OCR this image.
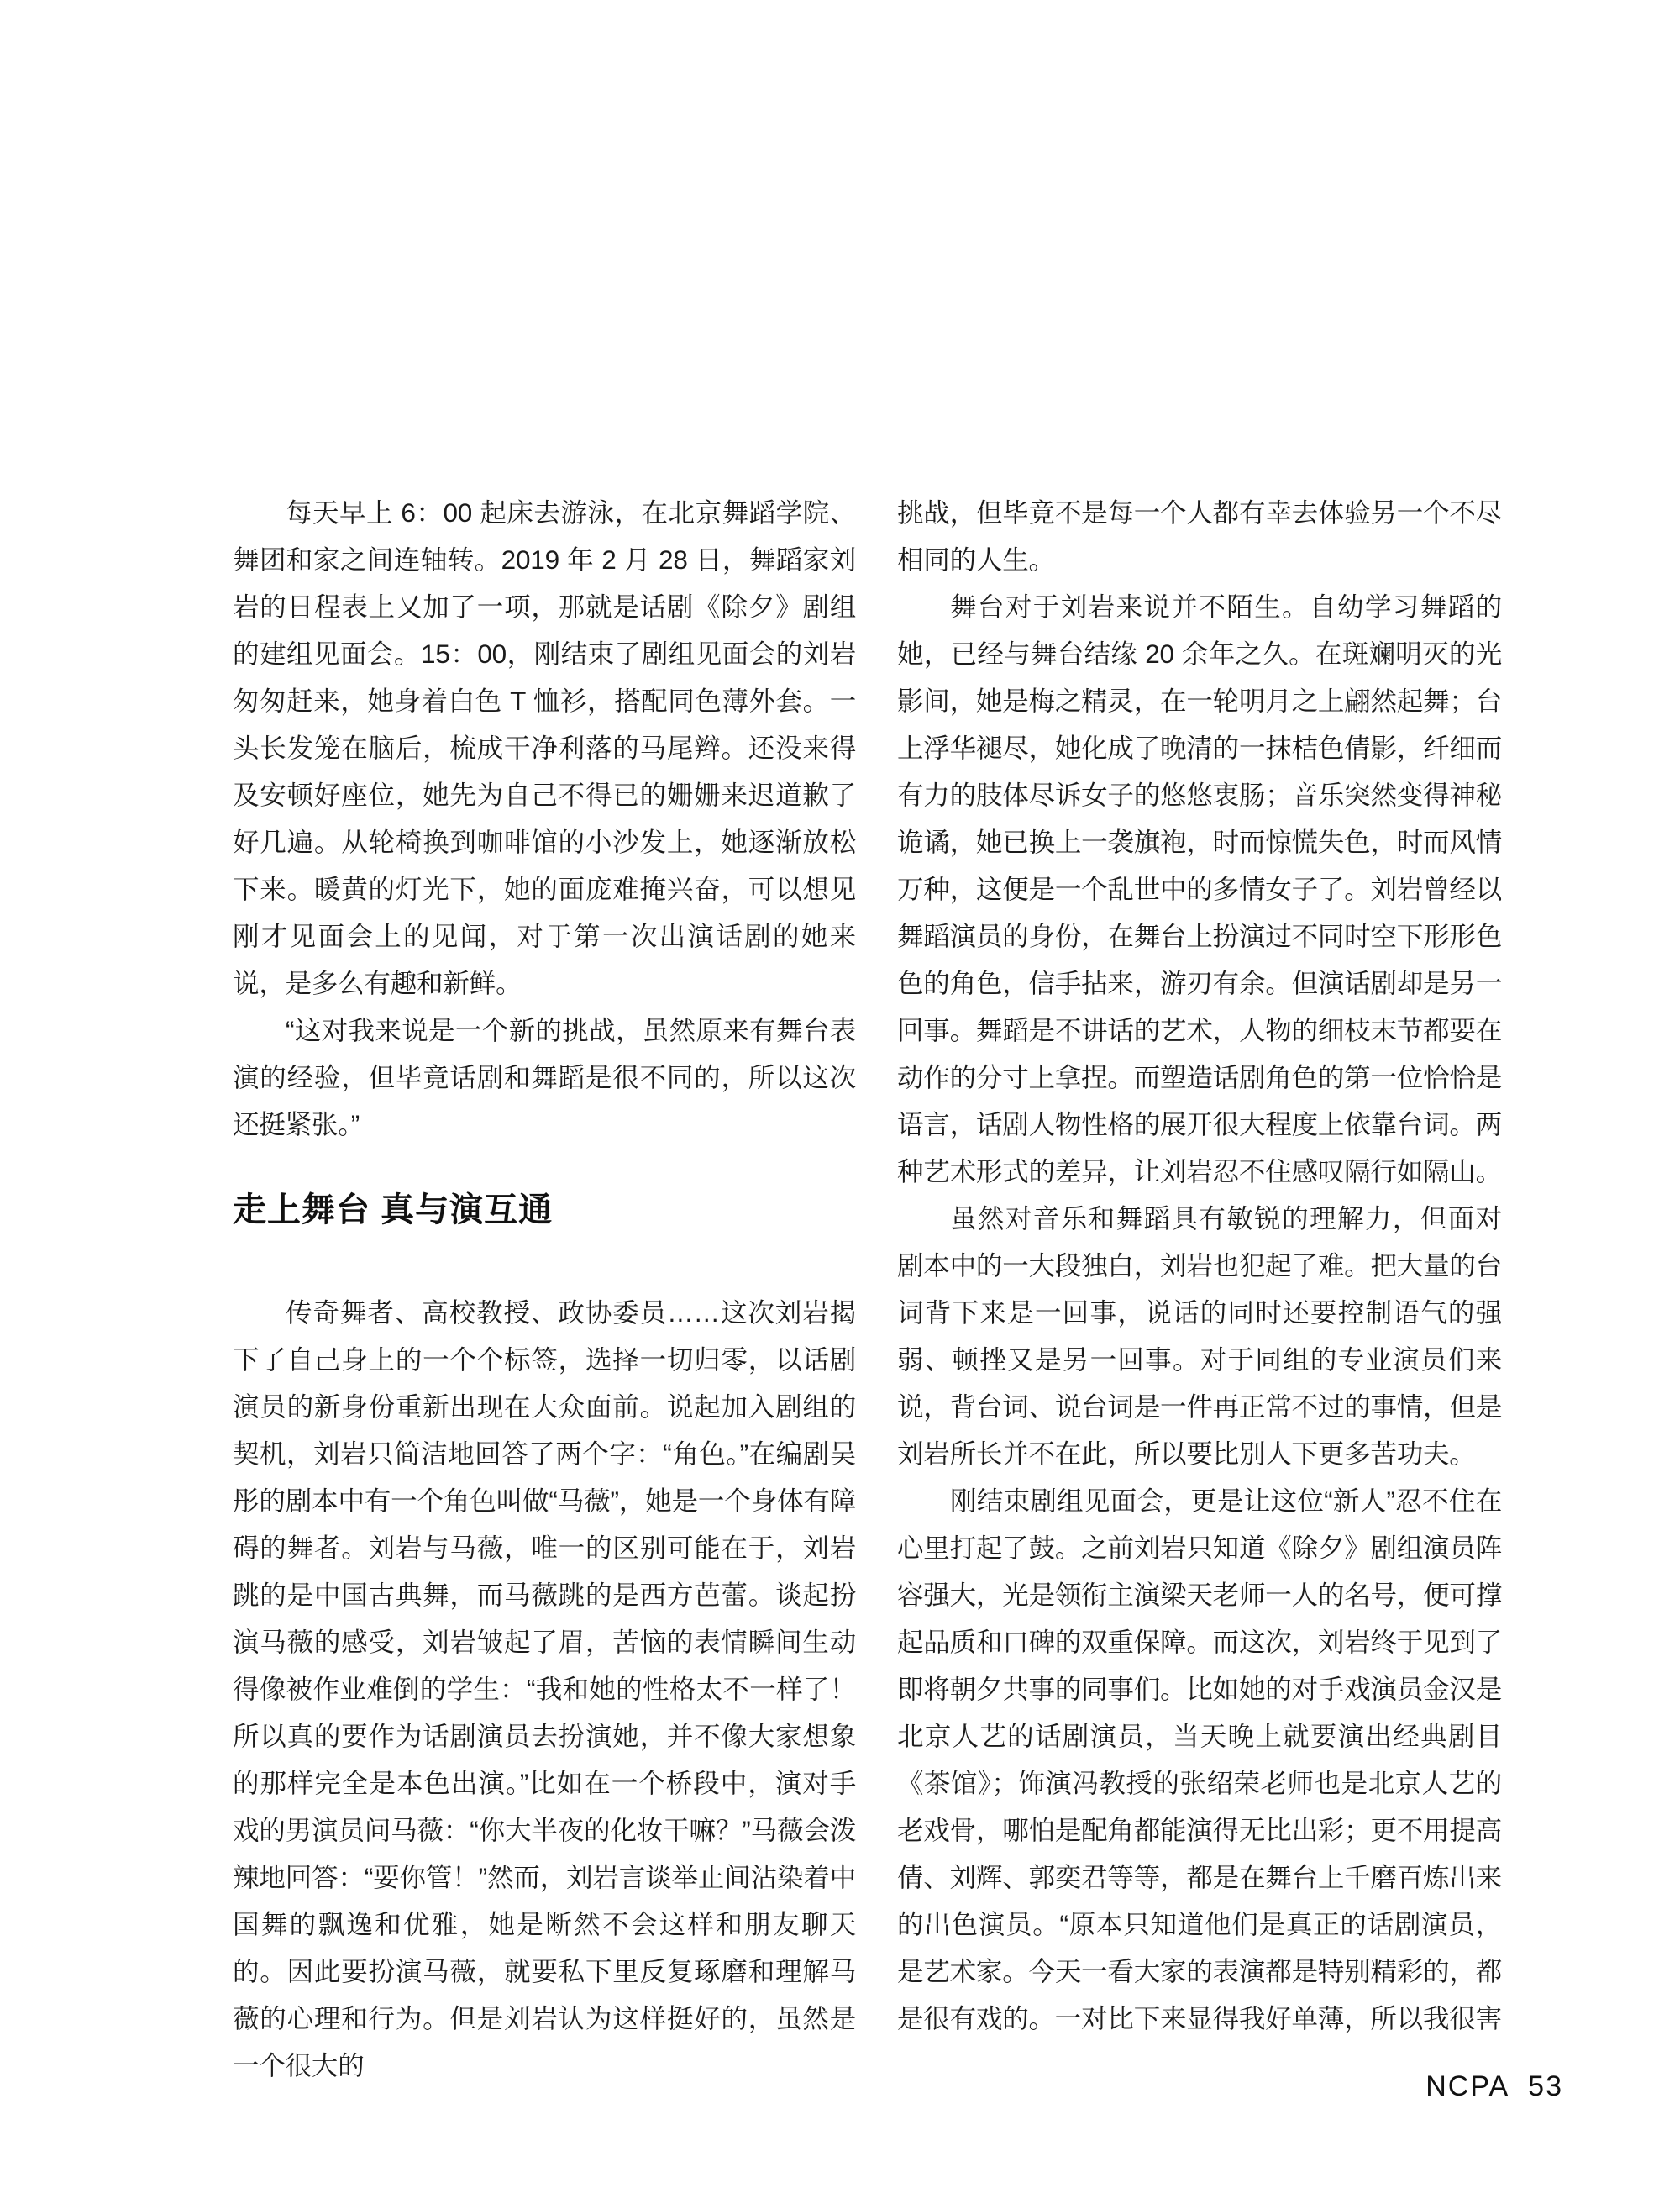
每天早上 6：00 起床去游泳，在北京舞蹈学院、舞团和家之间连轴转。2019 年 2 月 28 日，舞蹈家刘岩的日程表上又加了一项，那就是话剧《除夕》剧组的建组见面会。15：00，刚结束了剧组见面会的刘岩匆匆赶来，她身着白色 T 恤衫，搭配同色薄外套。一头长发笼在脑后，梳成干净利落的马尾辫。还没来得及安顿好座位，她先为自己不得已的姗姗来迟道歉了好几遍。从轮椅换到咖啡馆的小沙发上，她逐渐放松下来。暖黄的灯光下，她的面庞难掩兴奋，可以想见刚才见面会上的见闻，对于第一次出演话剧的她来说，是多么有趣和新鲜。

“这对我来说是一个新的挑战，虽然原来有舞台表演的经验，但毕竟话剧和舞蹈是很不同的，所以这次还挺紧张。”

走上舞台 真与演互通

传奇舞者、高校教授、政协委员……这次刘岩揭下了自己身上的一个个标签，选择一切归零，以话剧演员的新身份重新出现在大众面前。说起加入剧组的契机，刘岩只简洁地回答了两个字：“角色。”在编剧吴彤的剧本中有一个角色叫做“马薇”，她是一个身体有障碍的舞者。刘岩与马薇，唯一的区别可能在于，刘岩跳的是中国古典舞，而马薇跳的是西方芭蕾。谈起扮演马薇的感受，刘岩皱起了眉，苦恼的表情瞬间生动得像被作业难倒的学生：“我和她的性格太不一样了！所以真的要作为话剧演员去扮演她，并不像大家想象的那样完全是本色出演。”比如在一个桥段中，演对手戏的男演员问马薇：“你大半夜的化妆干嘛？”马薇会泼辣地回答：“要你管！”然而，刘岩言谈举止间沾染着中国舞的飘逸和优雅，她是断然不会这样和朋友聊天的。因此要扮演马薇，就要私下里反复琢磨和理解马薇的心理和行为。但是刘岩认为这样挺好的，虽然是一个很大的

挑战，但毕竟不是每一个人都有幸去体验另一个不尽相同的人生。

舞台对于刘岩来说并不陌生。自幼学习舞蹈的她，已经与舞台结缘 20 余年之久。在斑斓明灭的光影间，她是梅之精灵，在一轮明月之上翩然起舞；台上浮华褪尽，她化成了晚清的一抹桔色倩影，纤细而有力的肢体尽诉女子的悠悠衷肠；音乐突然变得神秘诡谲，她已换上一袭旗袍，时而惊慌失色，时而风情万种，这便是一个乱世中的多情女子了。刘岩曾经以舞蹈演员的身份，在舞台上扮演过不同时空下形形色色的角色，信手拈来，游刃有余。但演话剧却是另一回事。舞蹈是不讲话的艺术，人物的细枝末节都要在动作的分寸上拿捏。而塑造话剧角色的第一位恰恰是语言，话剧人物性格的展开很大程度上依靠台词。两种艺术形式的差异，让刘岩忍不住感叹隔行如隔山。

虽然对音乐和舞蹈具有敏锐的理解力，但面对剧本中的一大段独白，刘岩也犯起了难。把大量的台词背下来是一回事，说话的同时还要控制语气的强弱、顿挫又是另一回事。对于同组的专业演员们来说，背台词、说台词是一件再正常不过的事情，但是刘岩所长并不在此，所以要比别人下更多苦功夫。

刚结束剧组见面会，更是让这位“新人”忍不住在心里打起了鼓。之前刘岩只知道《除夕》剧组演员阵容强大，光是领衔主演梁天老师一人的名号，便可撑起品质和口碑的双重保障。而这次，刘岩终于见到了即将朝夕共事的同事们。比如她的对手戏演员金汉是北京人艺的话剧演员，当天晚上就要演出经典剧目《茶馆》；饰演冯教授的张绍荣老师也是北京人艺的老戏骨，哪怕是配角都能演得无比出彩；更不用提高倩、刘辉、郭奕君等等，都是在舞台上千磨百炼出来的出色演员。“原本只知道他们是真正的话剧演员，是艺术家。今天一看大家的表演都是特别精彩的，都是很有戏的。一对比下来显得我好单薄，所以我很害

NCPA 53
